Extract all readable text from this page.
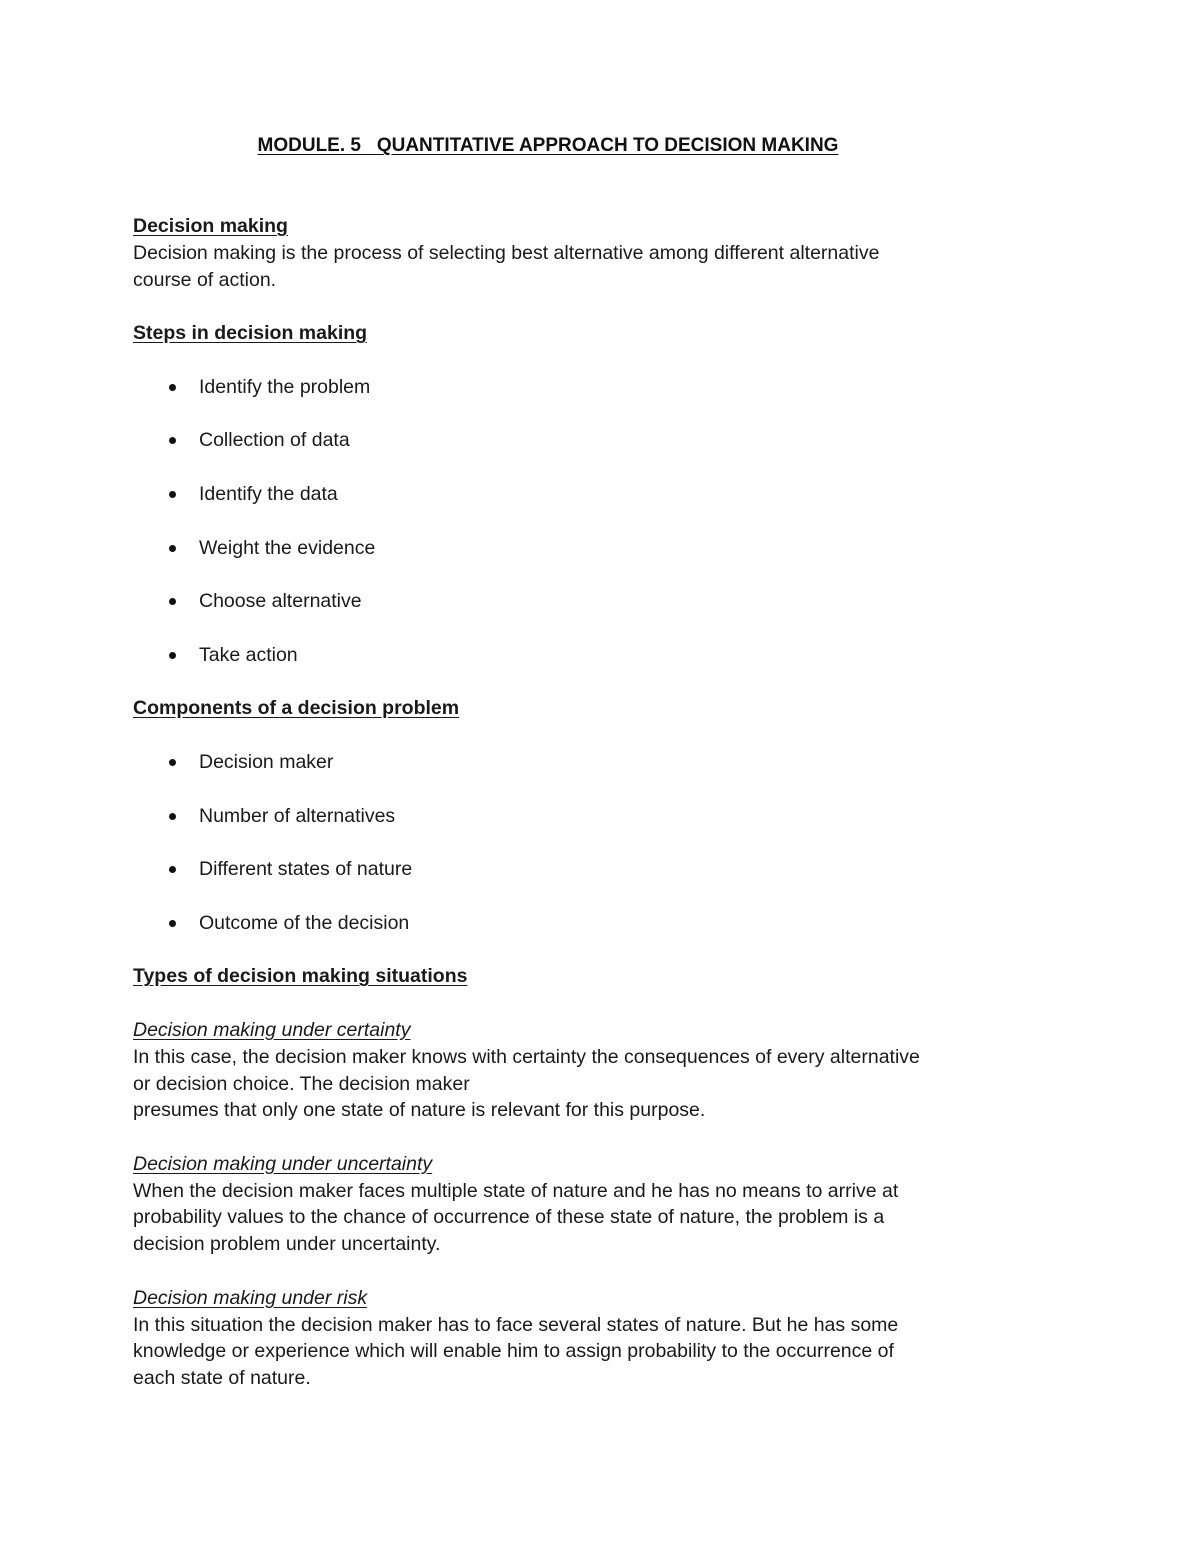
MODULE. 5   QUANTITATIVE APPROACH TO DECISION MAKING

Decision making

Decision making is the process of selecting best alternative among different alternative

course of action.

Steps in decision making

Identify the problem
Collection of data
Identify the data
Weight the evidence
Choose alternative
Take action

Components of a decision problem

Decision maker
Number of alternatives
Different states of nature
Outcome of the decision

Types of decision making situations

Decision making under certainty

In this case, the decision maker knows with certainty the consequences of every alternative

or decision choice. The decision maker

presumes that only one state of nature is relevant for this purpose.

Decision making under uncertainty

When the decision maker faces multiple state of nature and he has no means to arrive at

probability values to the chance of occurrence of these state of nature, the problem is a

decision problem under uncertainty.

Decision making under risk

In this situation the decision maker has to face several states of nature. But he has some

knowledge or experience which will enable him to assign probability to the occurrence of

each state of nature.
